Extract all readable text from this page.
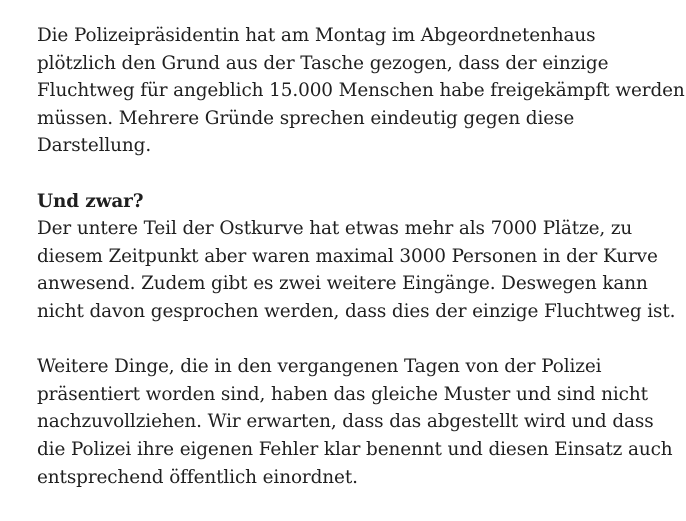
Die Polizeipräsidentin hat am Montag im Abgeordnetenhaus
plötzlich den Grund aus der Tasche gezogen, dass der einzige
Fluchtweg für angeblich 15.000 Menschen habe freigekämpft werden
müssen. Mehrere Gründe sprechen eindeutig gegen diese
Darstellung.

Und zwar?
Der untere Teil der Ostkurve hat etwas mehr als 7000 Plätze, zu
diesem Zeitpunkt aber waren maximal 3000 Personen in der Kurve
anwesend. Zudem gibt es zwei weitere Eingänge. Deswegen kann
nicht davon gesprochen werden, dass dies der einzige Fluchtweg ist.

Weitere Dinge, die in den vergangenen Tagen von der Polizei
präsentiert worden sind, haben das gleiche Muster und sind nicht
nachzuvollziehen. Wir erwarten, dass das abgestellt wird und dass
die Polizei ihre eigenen Fehler klar benennt und diesen Einsatz auch
entsprechend öffentlich einordnet.
